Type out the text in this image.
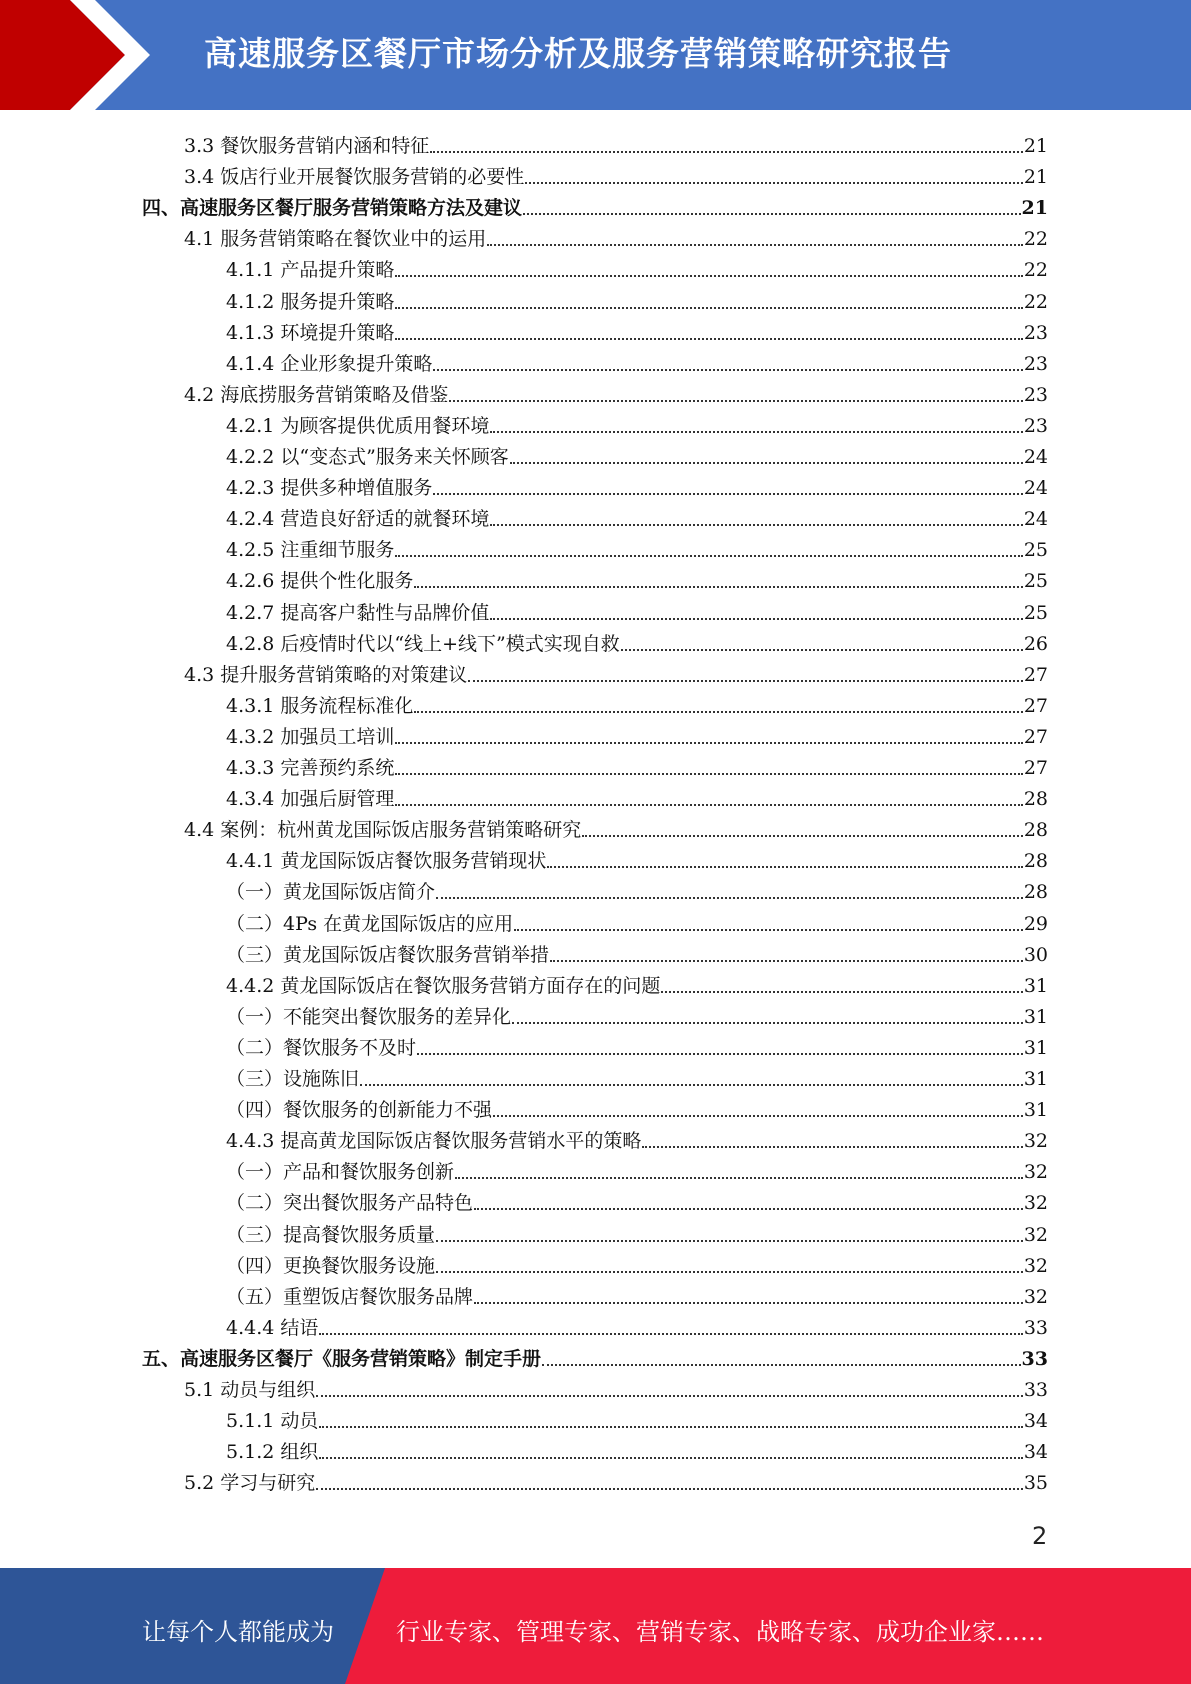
高速服务区餐厅市场分析及服务营销策略研究报告
3.3 餐饮服务营销内涵和特征	21
3.4 饭店行业开展餐饮服务营销的必要性	21
四、高速服务区餐厅服务营销策略方法及建议	21
4.1 服务营销策略在餐饮业中的运用	22
4.1.1 产品提升策略	22
4.1.2 服务提升策略	22
4.1.3 环境提升策略	23
4.1.4 企业形象提升策略	23
4.2 海底捞服务营销策略及借鉴	23
4.2.1 为顾客提供优质用餐环境	23
4.2.2 以“变态式”服务来关怀顾客	24
4.2.3 提供多种增值服务	24
4.2.4 营造良好舒适的就餐环境	24
4.2.5 注重细节服务	25
4.2.6 提供个性化服务	25
4.2.7 提高客户黏性与品牌价值	25
4.2.8 后疫情时代以“线上+线下”模式实现自救	26
4.3 提升服务营销策略的对策建议	27
4.3.1 服务流程标准化	27
4.3.2 加强员工培训	27
4.3.3 完善预约系统	27
4.3.4 加强后厨管理	28
4.4 案例：杭州黄龙国际饭店服务营销策略研究	28
4.4.1 黄龙国际饭店餐饮服务营销现状	28
（一）黄龙国际饭店简介	28
（二）4Ps 在黄龙国际饭店的应用	29
（三）黄龙国际饭店餐饮服务营销举措	30
4.4.2 黄龙国际饭店在餐饮服务营销方面存在的问题	31
（一）不能突出餐饮服务的差异化	31
（二）餐饮服务不及时	31
（三）设施陈旧	31
（四）餐饮服务的创新能力不强	31
4.4.3 提高黄龙国际饭店餐饮服务营销水平的策略	32
（一）产品和餐饮服务创新	32
（二）突出餐饮服务产品特色	32
（三）提高餐饮服务质量	32
（四）更换餐饮服务设施	32
（五）重塑饭店餐饮服务品牌	32
4.4.4 结语	33
五、高速服务区餐厅《服务营销策略》制定手册	33
5.1 动员与组织	33
5.1.1 动员	34
5.1.2 组织	34
5.2 学习与研究	35
2
让每个人都能成为	行业专家、管理专家、营销专家、战略专家、成功企业家……
